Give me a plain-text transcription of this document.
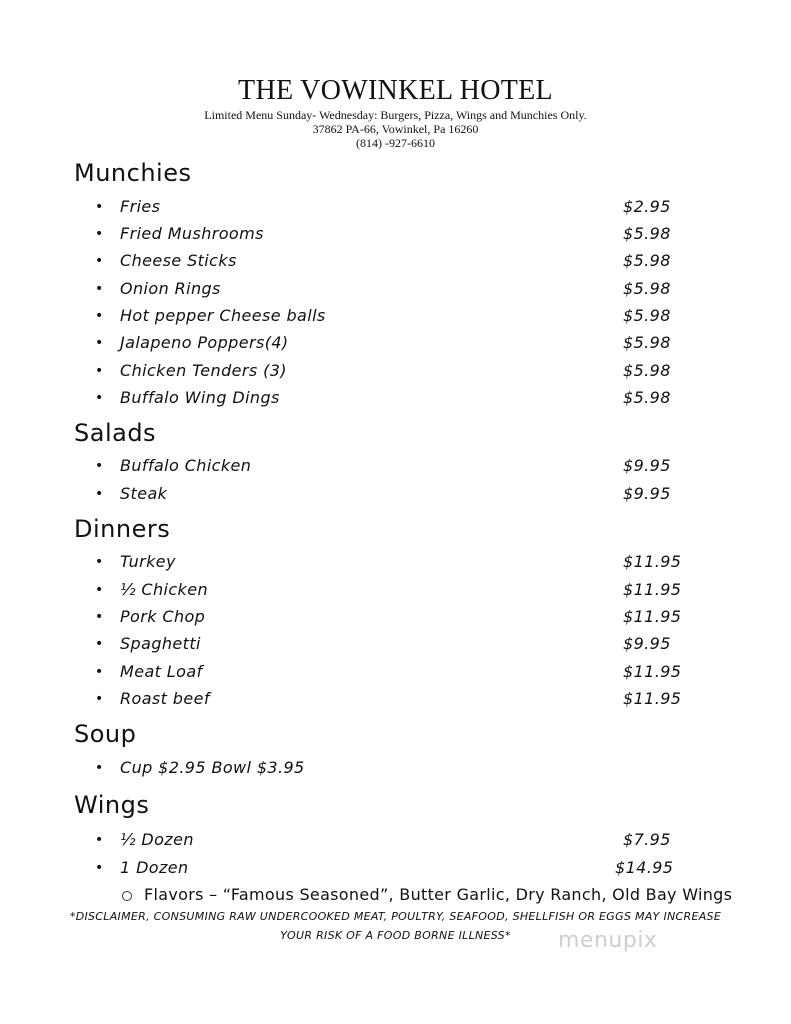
THE VOWINKEL HOTEL
Limited Menu Sunday- Wednesday: Burgers, Pizza, Wings and Munchies Only.
37862 PA-66, Vowinkel, Pa 16260
(814) -927-6610
Munchies
• Fries	$2.95
• Fried Mushrooms	$5.98
• Cheese Sticks	$5.98
• Onion Rings	$5.98
• Hot pepper Cheese balls	$5.98
• Jalapeno Poppers(4)	$5.98
• Chicken Tenders (3)	$5.98
• Buffalo Wing Dings	$5.98
Salads
• Buffalo Chicken	$9.95
• Steak	$9.95
Dinners
• Turkey	$11.95
• ½ Chicken	$11.95
• Pork Chop	$11.95
• Spaghetti	$9.95
• Meat Loaf	$11.95
• Roast beef	$11.95
Soup
• Cup $2.95 Bowl $3.95
Wings
• ½ Dozen	$7.95
• 1 Dozen	$14.95
Flavors – “Famous Seasoned”, Butter Garlic, Dry Ranch, Old Bay Wings
*DISCLAIMER, CONSUMING RAW UNDERCOOKED MEAT, POULTRY, SEAFOOD, SHELLFISH OR EGGS MAY INCREASE
YOUR RISK OF A FOOD BORNE ILLNESS*	menupix
